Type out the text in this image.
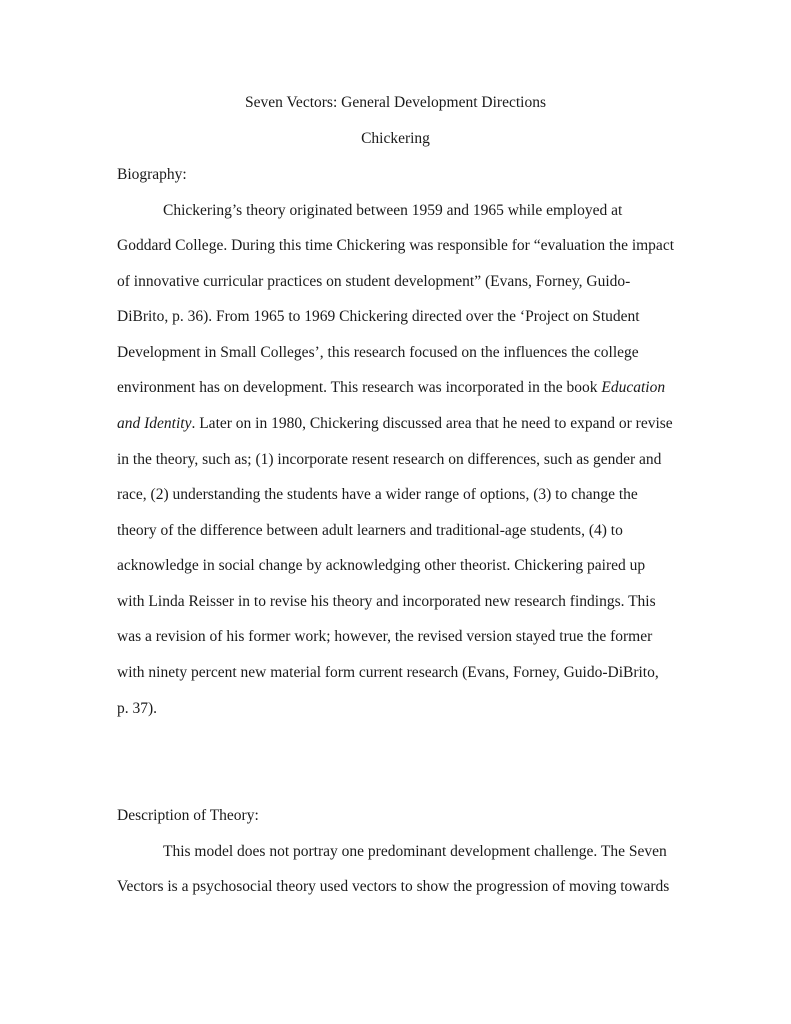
Seven Vectors: General Development Directions
Chickering
Biography:
Chickering’s theory originated between 1959 and 1965 while employed at
Goddard College. During this time Chickering was responsible for “evaluation the impact
of innovative curricular practices on student development” (Evans, Forney, Guido-
DiBrito, p. 36). From 1965 to 1969 Chickering directed over the ‘Project on Student
Development in Small Colleges’, this research focused on the influences the college
environment has on development. This research was incorporated in the book Education
and Identity. Later on in 1980, Chickering discussed area that he need to expand or revise
in the theory, such as; (1) incorporate resent research on differences, such as gender and
race, (2) understanding the students have a wider range of options, (3) to change the
theory of the difference between adult learners and traditional-age students, (4) to
acknowledge in social change by acknowledging other theorist. Chickering paired up
with Linda Reisser in to revise his theory and incorporated new research findings. This
was a revision of his former work; however, the revised version stayed true the former
with ninety percent new material form current research (Evans, Forney, Guido-DiBrito,
p. 37).
Description of Theory:
This model does not portray one predominant development challenge. The Seven
Vectors is a psychosocial theory used vectors to show the progression of moving towards
